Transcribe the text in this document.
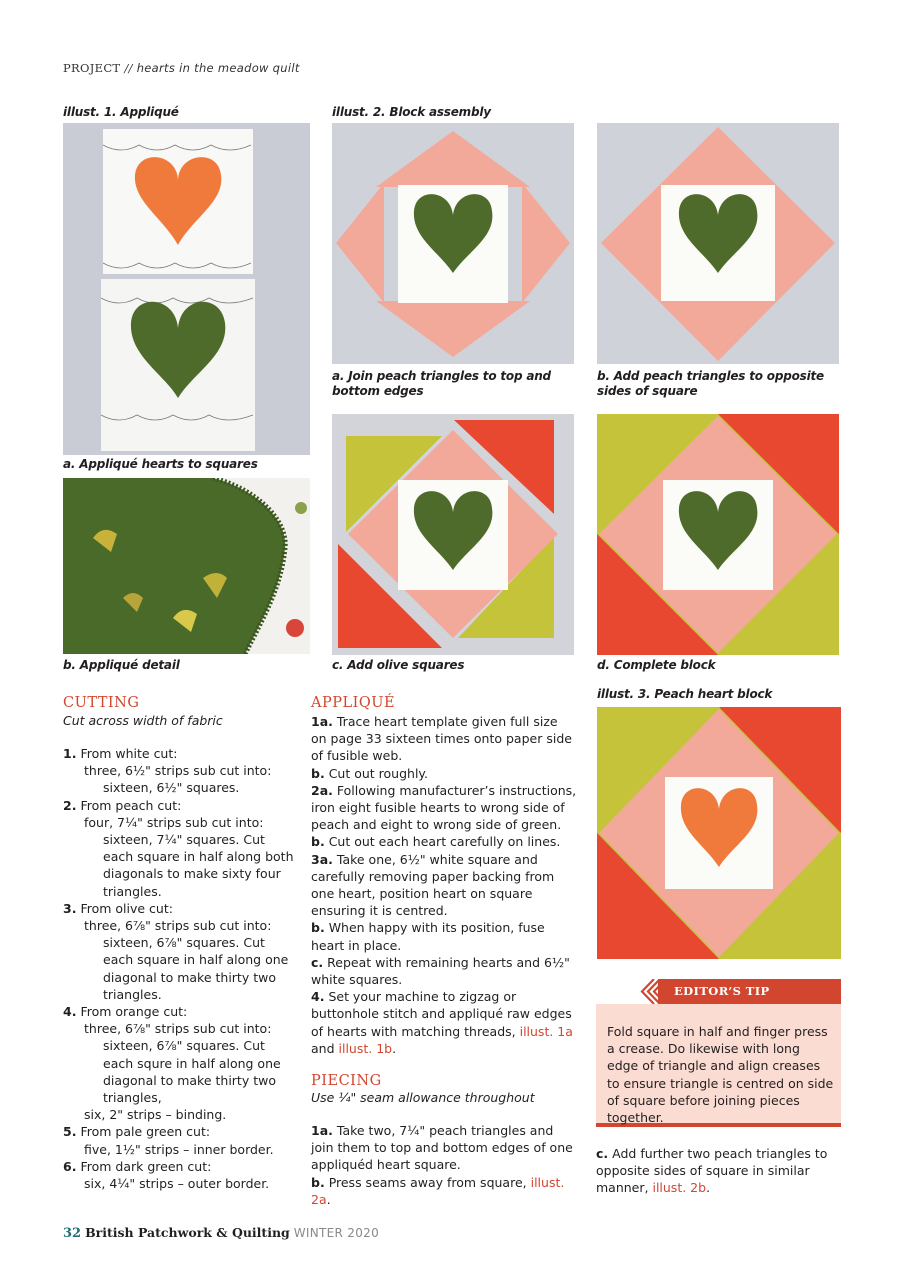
PROJECT // hearts in the meadow quilt
illust. 1. Appliqué	illust. 2. Block assembly
a. Appliqué hearts to squares
b. Appliqué detail
a. Join peach triangles to top and bottom edges
b. Add peach triangles to opposite sides of square
c. Add olive squares	d. Complete block
illust. 3. Peach heart block
CUTTING
Cut across width of fabric
1. From white cut:
three, 6½" strips sub cut into:
sixteen, 6½" squares.
2. From peach cut:
four, 7¼" strips sub cut into:
sixteen, 7¼" squares. Cut
each square in half along both
diagonals to make sixty four
triangles.
3. From olive cut:
three, 6⅞" strips sub cut into:
sixteen, 6⅞" squares. Cut
each square in half along one
diagonal to make thirty two
triangles.
4. From orange cut:
three, 6⅞" strips sub cut into:
sixteen, 6⅞" squares. Cut
each squre in half along one
diagonal to make thirty two
triangles,
six, 2" strips – binding.
5. From pale green cut:
five, 1½" strips – inner border.
6. From dark green cut:
six, 4¼" strips – outer border.
APPLIQUÉ
1a. Trace heart template given full size on page 33 sixteen times onto paper side of fusible web.
b. Cut out roughly.
2a. Following manufacturer’s instructions, iron eight fusible hearts to wrong side of peach and eight to wrong side of green.
b. Cut out each heart carefully on lines.
3a. Take one, 6½" white square and carefully removing paper backing from one heart, position heart on square ensuring it is centred.
b. When happy with its position, fuse heart in place.
c. Repeat with remaining hearts and 6½" white squares.
4. Set your machine to zigzag or buttonhole stitch and appliqué raw edges of hearts with matching threads, illust. 1a and illust. 1b.
PIECING
Use ¼" seam allowance throughout
1a. Take two, 7¼" peach triangles and join them to top and bottom edges of one appliquéd heart square.
b. Press seams away from square, illust. 2a.
EDITOR’S TIP
Fold square in half and finger press a crease. Do likewise with long edge of triangle and align creases to ensure triangle is centred on side of square before joining pieces together.
c. Add further two peach triangles to opposite sides of square in similar manner, illust. 2b.
32 British Patchwork & Quilting WINTER 2020
